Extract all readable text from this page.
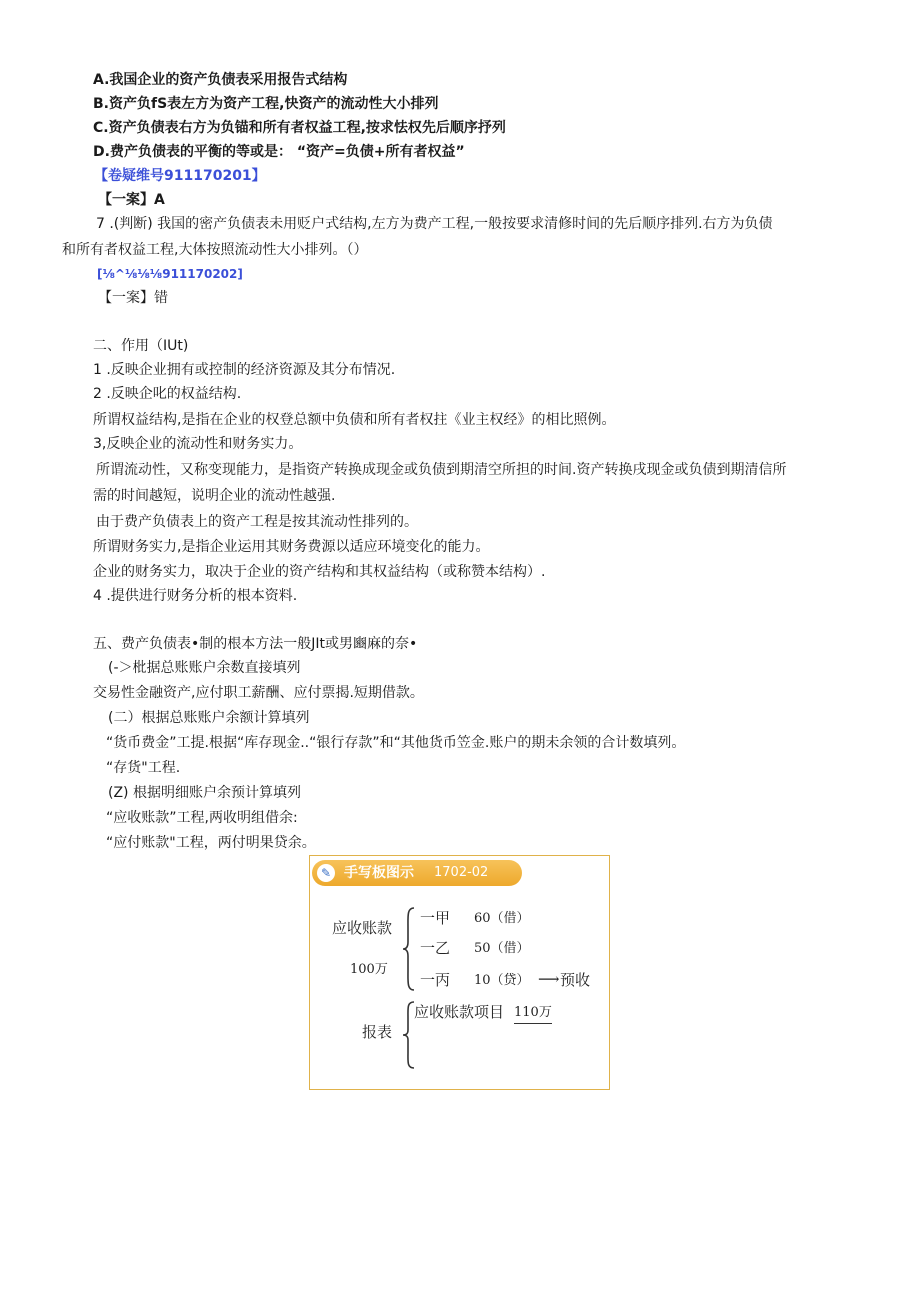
A.我国企业的资产负债表采用报告式结构
B.资产负fS表左方为资产工程,快资产的流动性大小排列
C.资产负债表右方为负锚和所有者权益工程,按求怯权先后顺序抒列
D.费产负债表的平衡的等或是： “资产=负债+所有者权益”
【卷疑维号911170201】
【一案】A
7 .(判断) 我国的密产负债表未用贬户式结构,左方为费产工程,一般按要求清修时间的先后顺序排列.右方为负债
和所有者权益工程,大体按照流动性大小排列。（）
[⅛^⅛⅛⅛911170202]
【一案】错
二、作用（IUt)
1 .反映企业拥有或控制的经济资源及其分布情况.
2 .反映企叱的权益结构.
所谓权益结构,是指在企业的权登总额中负债和所有者权拄《业主权经》的相比照例。
3,反映企业的流动性和财务实力。
所谓流动性，又称变现能力，是指资产转换成现金或负债到期清空所担的时间.资产转换戌现金或负债到期清信所
需的时间越短，说明企业的流动性越强.
由于费产负债表上的资产工程是按其流动性排列的。
所谓财务实力,是指企业运用其财务费源以适应环境变化的能力。
企业的财务实力，取决于企业的资产结构和其权益结构（或称赞本结构）.
4 .提供进行财务分析的根本资料.
五、费产负债表•制的根本方法一般JIt或男豳麻的奈•
(-＞枇据总账账户余数直接填列
交易性金融资产,应付职工薪酬、应付票揭.短期借款。
(二）根据总账账户余额计算填列
“货币费金”工提.根据“库存现金..“银行存款”和“其他货币笠金.账户的期未余领的合计数填列。
“存货"工程.
(Z) 根据明细账户余预计算填列
“应收账款”工程,两收明组借余:
“应付账款"工程，两付明果贷余。
✎ 手写板图示 1702-02
应收账款
100万
一甲 60（借）
一乙 50（借）
一丙 10（贷） ⟶ 预收
报表
应收账款项目 110万
